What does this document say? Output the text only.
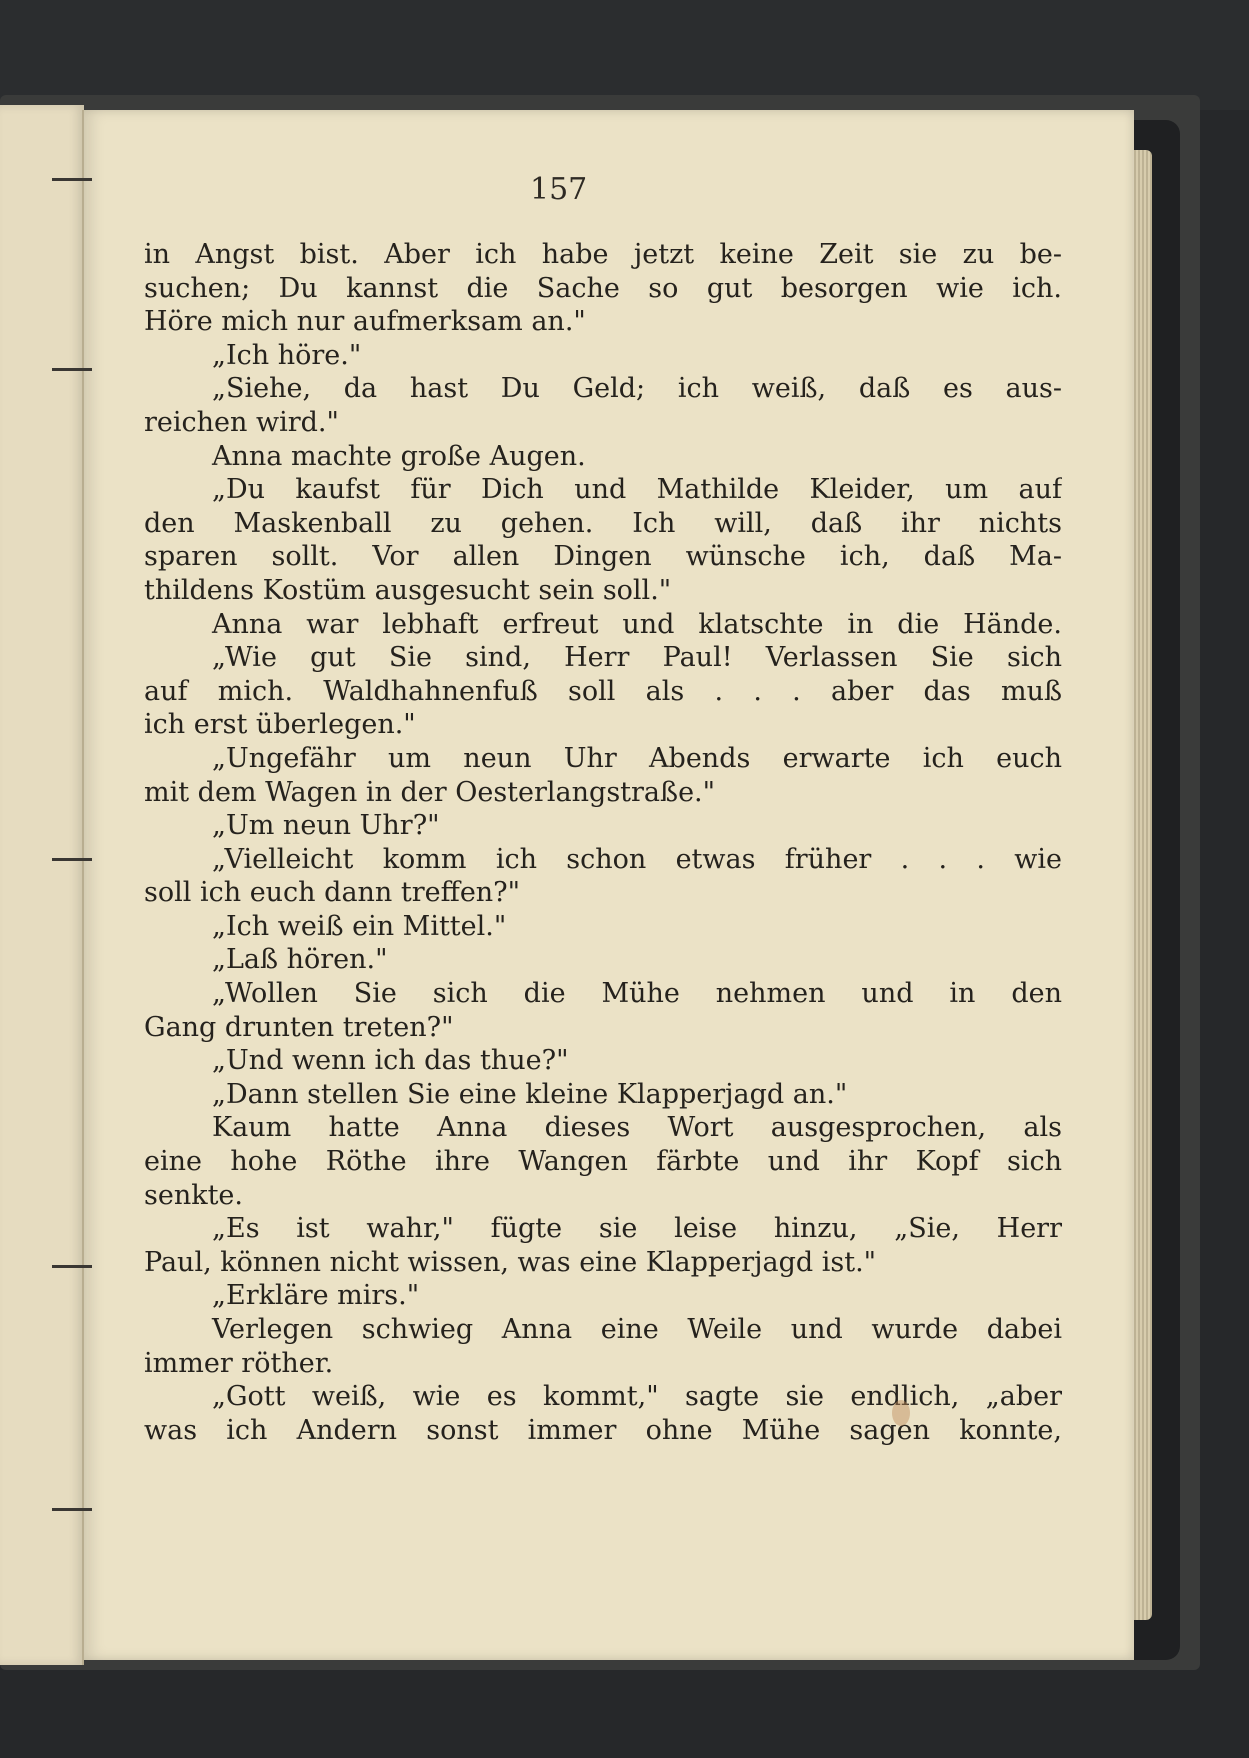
157
in Angst bist. Aber ich habe jetzt keine Zeit sie zu be-
suchen; Du kannst die Sache so gut besorgen wie ich.
Höre mich nur aufmerksam an."
„Ich höre."
„Siehe, da hast Du Geld; ich weiß, daß es aus-
reichen wird."
Anna machte große Augen.
„Du kaufst für Dich und Mathilde Kleider, um auf
den Maskenball zu gehen. Ich will, daß ihr nichts
sparen sollt. Vor allen Dingen wünsche ich, daß Ma-
thildens Kostüm ausgesucht sein soll."
Anna war lebhaft erfreut und klatschte in die Hände.
„Wie gut Sie sind, Herr Paul! Verlassen Sie sich
auf mich. Waldhahnenfuß soll als . . . aber das muß
ich erst überlegen."
„Ungefähr um neun Uhr Abends erwarte ich euch
mit dem Wagen in der Oesterlangstraße."
„Um neun Uhr?"
„Vielleicht komm ich schon etwas früher . . . wie
soll ich euch dann treffen?"
„Ich weiß ein Mittel."
„Laß hören."
„Wollen Sie sich die Mühe nehmen und in den
Gang drunten treten?"
„Und wenn ich das thue?"
„Dann stellen Sie eine kleine Klapperjagd an."
Kaum hatte Anna dieses Wort ausgesprochen, als
eine hohe Röthe ihre Wangen färbte und ihr Kopf sich
senkte.
„Es ist wahr," fügte sie leise hinzu, „Sie, Herr
Paul, können nicht wissen, was eine Klapperjagd ist."
„Erkläre mirs."
Verlegen schwieg Anna eine Weile und wurde dabei
immer röther.
„Gott weiß, wie es kommt," sagte sie endlich, „aber
was ich Andern sonst immer ohne Mühe sagen konnte,
